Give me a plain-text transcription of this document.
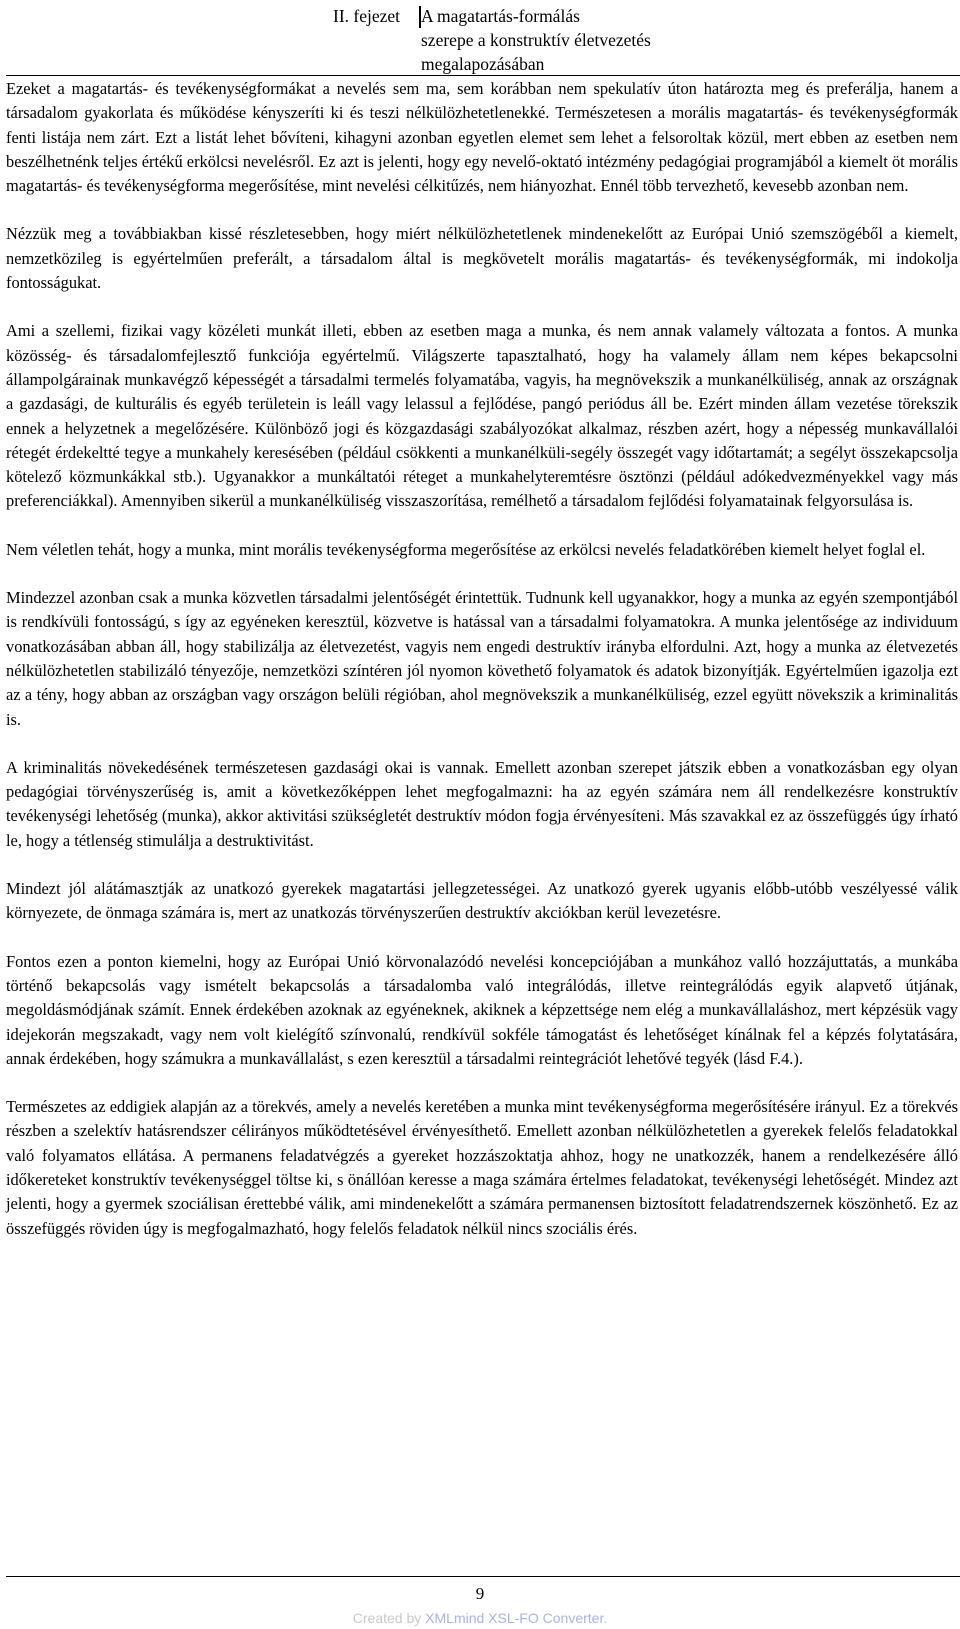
II. fejezet A magatartás-formálás
szerepe a konstruktív életvezetés
megalapozásában

Ezeket a magatartás- és tevékenységformákat a nevelés sem ma, sem korábban nem spekulatív úton határozta meg és preferálja, hanem a társadalom gyakorlata és működése kényszeríti ki és teszi nélkülözhetetlenekké. Természetesen a morális magatartás- és tevékenységformák fenti listája nem zárt. Ezt a listát lehet bővíteni, kihagyni azonban egyetlen elemet sem lehet a felsoroltak közül, mert ebben az esetben nem beszélhetnénk teljes értékű erkölcsi nevelésről. Ez azt is jelenti, hogy egy nevelő-oktató intézmény pedagógiai programjából a kiemelt öt morális magatartás- és tevékenységforma megerősítése, mint nevelési célkitűzés, nem hiányozhat. Ennél több tervezhető, kevesebb azonban nem.

Nézzük meg a továbbiakban kissé részletesebben, hogy miért nélkülözhetetlenek mindenekelőtt az Európai Unió szemszögéből a kiemelt, nemzetközileg is egyértelműen preferált, a társadalom által is megkövetelt morális magatartás- és tevékenységformák, mi indokolja fontosságukat.

Ami a szellemi, fizikai vagy közéleti munkát illeti, ebben az esetben maga a munka, és nem annak valamely változata a fontos. A munka közösség- és társadalomfejlesztő funkciója egyértelmű. Világszerte tapasztalható, hogy ha valamely állam nem képes bekapcsolni állampolgárainak munkavégző képességét a társadalmi termelés folyamatába, vagyis, ha megnövekszik a munkanélküliség, annak az országnak a gazdasági, de kulturális és egyéb területein is leáll vagy lelassul a fejlődése, pangó periódus áll be. Ezért minden állam vezetése törekszik ennek a helyzetnek a megelőzésére. Különböző jogi és közgazdasági szabályozókat alkalmaz, részben azért, hogy a népesség munkavállalói rétegét érdekeltté tegye a munkahely keresésében (például csökkenti a munkanélküli-segély összegét vagy időtartamát; a segélyt összekapcsolja kötelező közmunkákkal stb.). Ugyanakkor a munkáltatói réteget a munkahelyteremtésre ösztönzi (például adókedvezményekkel vagy más preferenciákkal). Amennyiben sikerül a munkanélküliség visszaszorítása, remélhető a társadalom fejlődési folyamatainak felgyorsulása is.

Nem véletlen tehát, hogy a munka, mint morális tevékenységforma megerősítése az erkölcsi nevelés feladatkörében kiemelt helyet foglal el.

Mindezzel azonban csak a munka közvetlen társadalmi jelentőségét érintettük. Tudnunk kell ugyanakkor, hogy a munka az egyén szempontjából is rendkívüli fontosságú, s így az egyéneken keresztül, közvetve is hatással van a társadalmi folyamatokra. A munka jelentősége az individuum vonatkozásában abban áll, hogy stabilizálja az életvezetést, vagyis nem engedi destruktív irányba elfordulni. Azt, hogy a munka az életvezetés nélkülözhetetlen stabilizáló tényezője, nemzetközi színtéren jól nyomon követhető folyamatok és adatok bizonyítják. Egyértelműen igazolja ezt az a tény, hogy abban az országban vagy országon belüli régióban, ahol megnövekszik a munkanélküliség, ezzel együtt növekszik a kriminalitás is.

A kriminalitás növekedésének természetesen gazdasági okai is vannak. Emellett azonban szerepet játszik ebben a vonatkozásban egy olyan pedagógiai törvényszerűség is, amit a következőképpen lehet megfogalmazni: ha az egyén számára nem áll rendelkezésre konstruktív tevékenységi lehetőség (munka), akkor aktivitási szükségletét destruktív módon fogja érvényesíteni. Más szavakkal ez az összefüggés úgy írható le, hogy a tétlenség stimulálja a destruktivitást.

Mindezt jól alátámasztják az unatkozó gyerekek magatartási jellegzetességei. Az unatkozó gyerek ugyanis előbb-utóbb veszélyessé válik környezete, de önmaga számára is, mert az unatkozás törvényszerűen destruktív akciókban kerül levezetésre.

Fontos ezen a ponton kiemelni, hogy az Európai Unió körvonalazódó nevelési koncepciójában a munkához valló hozzájuttatás, a munkába történő bekapcsolás vagy ismételt bekapcsolás a társadalomba való integrálódás, illetve reintegrálódás egyik alapvető útjának, megoldásmódjának számít. Ennek érdekében azoknak az egyéneknek, akiknek a képzettsége nem elég a munkavállaláshoz, mert képzésük vagy idejekorán megszakadt, vagy nem volt kielégítő színvonalú, rendkívül sokféle támogatást és lehetőséget kínálnak fel a képzés folytatására, annak érdekében, hogy számukra a munkavállalást, s ezen keresztül a társadalmi reintegrációt lehetővé tegyék (lásd F.4.).

Természetes az eddigiek alapján az a törekvés, amely a nevelés keretében a munka mint tevékenységforma megerősítésére irányul. Ez a törekvés részben a szelektív hatásrendszer célirányos működtetésével érvényesíthető. Emellett azonban nélkülözhetetlen a gyerekek felelős feladatokkal való folyamatos ellátása. A permanens feladatvégzés a gyereket hozzászoktatja ahhoz, hogy ne unatkozzék, hanem a rendelkezésére álló időkereteket konstruktív tevékenységgel töltse ki, s önállóan keresse a maga számára értelmes feladatokat, tevékenységi lehetőségét. Mindez azt jelenti, hogy a gyermek szociálisan érettebbé válik, ami mindenekelőtt a számára permanensen biztosított feladatrendszernek köszönhető. Ez az összefüggés röviden úgy is megfogalmazható, hogy felelős feladatok nélkül nincs szociális érés.

9
Created by XMLmind XSL-FO Converter.
